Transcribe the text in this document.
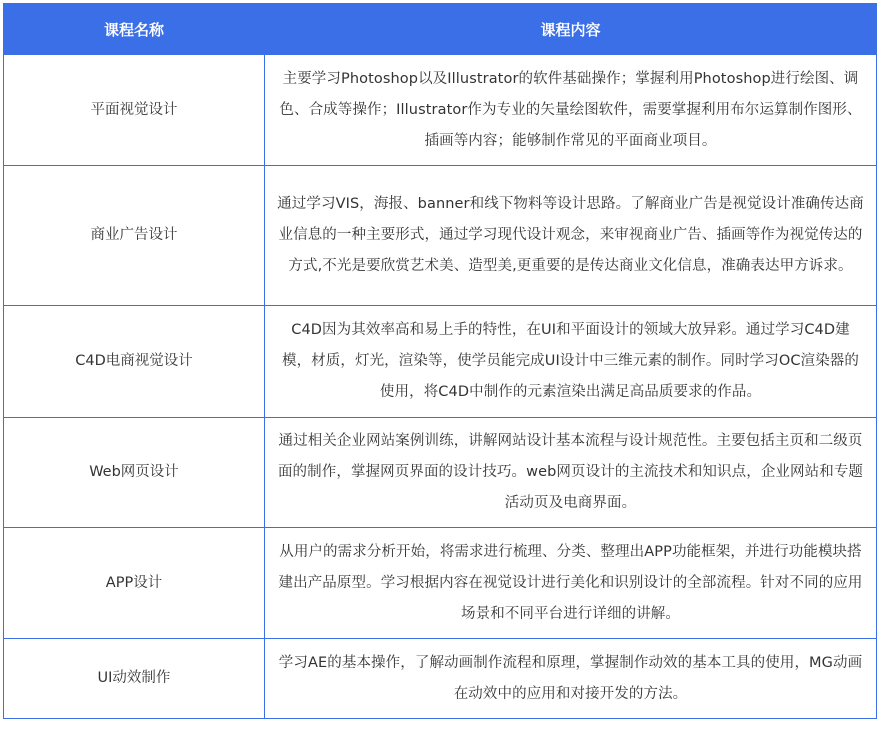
课程名称	课程内容
平面视觉设计	主要学习Photoshop以及Illustrator的软件基础操作；掌握利用Photoshop进行绘图、调色、合成等操作；Illustrator作为专业的矢量绘图软件，需要掌握利用布尔运算制作图形、插画等内容；能够制作常见的平面商业项目。
商业广告设计	通过学习VIS，海报、banner和线下物料等设计思路。了解商业广告是视觉设计准确传达商业信息的一种主要形式，通过学习现代设计观念，来审视商业广告、插画等作为视觉传达的方式,不光是要欣赏艺术美、造型美,更重要的是传达商业文化信息，准确表达甲方诉求。
C4D电商视觉设计	C4D因为其效率高和易上手的特性，在UI和平面设计的领域大放异彩。通过学习C4D建模，材质，灯光，渲染等，使学员能完成UI设计中三维元素的制作。同时学习OC渲染器的使用，将C4D中制作的元素渲染出满足高品质要求的作品。
Web网页设计	通过相关企业网站案例训练，讲解网站设计基本流程与设计规范性。主要包括主页和二级页面的制作，掌握网页界面的设计技巧。web网页设计的主流技术和知识点，企业网站和专题活动页及电商界面。
APP设计	从用户的需求分析开始，将需求进行梳理、分类、整理出APP功能框架，并进行功能模块搭建出产品原型。学习根据内容在视觉设计进行美化和识别设计的全部流程。针对不同的应用场景和不同平台进行详细的讲解。
UI动效制作	学习AE的基本操作，了解动画制作流程和原理，掌握制作动效的基本工具的使用，MG动画在动效中的应用和对接开发的方法。
